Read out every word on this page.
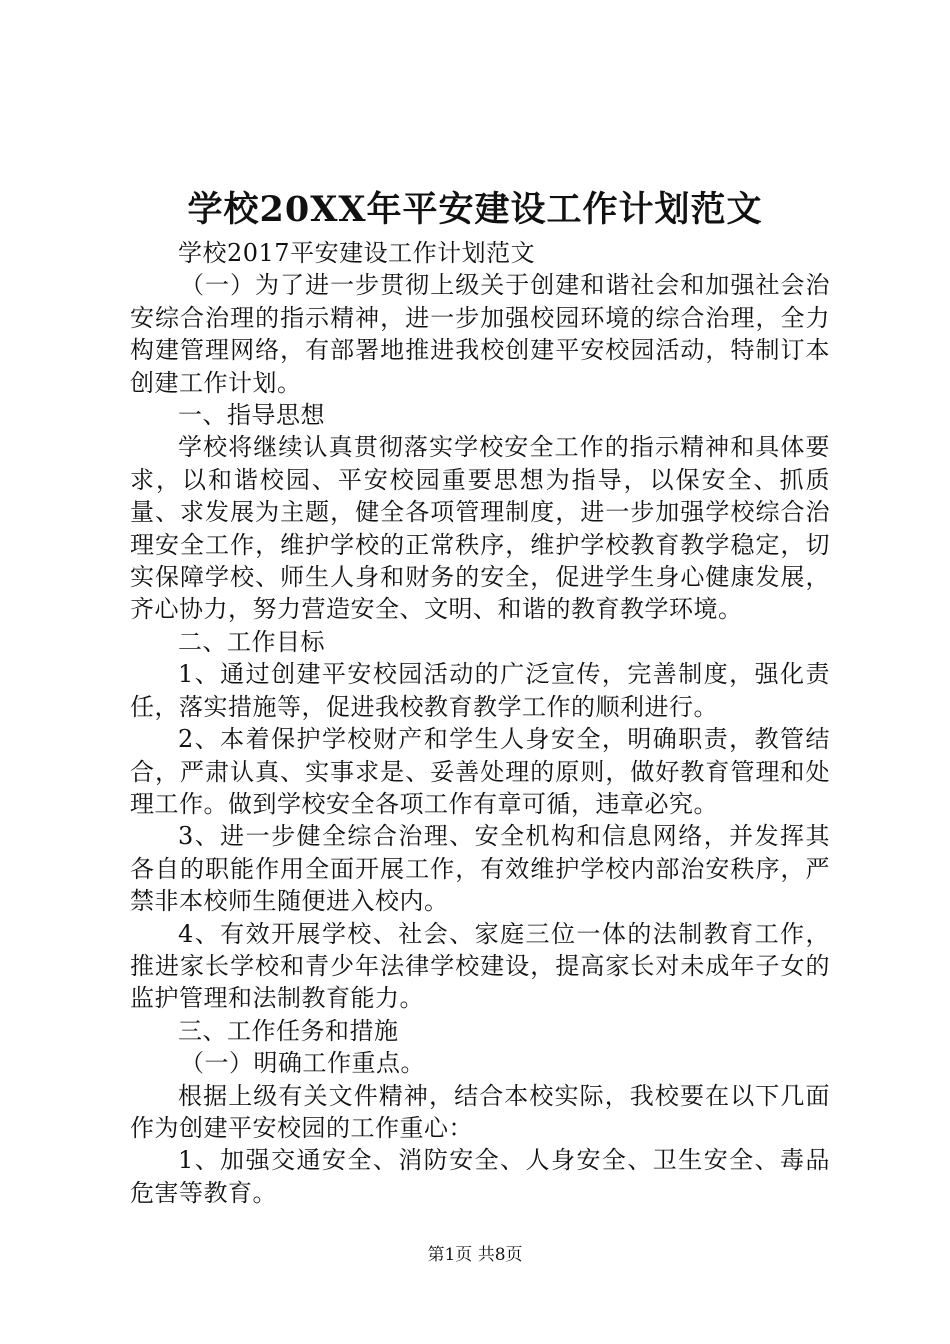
学校20XX年平安建设工作计划范文

学校2017平安建设工作计划范文

（一）为了进一步贯彻上级关于创建和谐社会和加强社会治安综合治理的指示精神，进一步加强校园环境的综合治理，全力构建管理网络，有部署地推进我校创建平安校园活动，特制订本创建工作计划。

一、指导思想

学校将继续认真贯彻落实学校安全工作的指示精神和具体要求，以和谐校园、平安校园重要思想为指导，以保安全、抓质量、求发展为主题，健全各项管理制度，进一步加强学校综合治理安全工作，维护学校的正常秩序，维护学校教育教学稳定，切实保障学校、师生人身和财务的安全，促进学生身心健康发展，齐心协力，努力营造安全、文明、和谐的教育教学环境。

二、工作目标

1、通过创建平安校园活动的广泛宣传，完善制度，强化责任，落实措施等，促进我校教育教学工作的顺利进行。

2、本着保护学校财产和学生人身安全，明确职责，教管结合，严肃认真、实事求是、妥善处理的原则，做好教育管理和处理工作。做到学校安全各项工作有章可循，违章必究。

3、进一步健全综合治理、安全机构和信息网络，并发挥其各自的职能作用全面开展工作，有效维护学校内部治安秩序，严禁非本校师生随便进入校内。

4、有效开展学校、社会、家庭三位一体的法制教育工作，推进家长学校和青少年法律学校建设，提高家长对未成年子女的监护管理和法制教育能力。

三、工作任务和措施

（一）明确工作重点。

根据上级有关文件精神，结合本校实际，我校要在以下几面作为创建平安校园的工作重心：

1、加强交通安全、消防安全、人身安全、卫生安全、毒品危害等教育。

第1页 共8页
